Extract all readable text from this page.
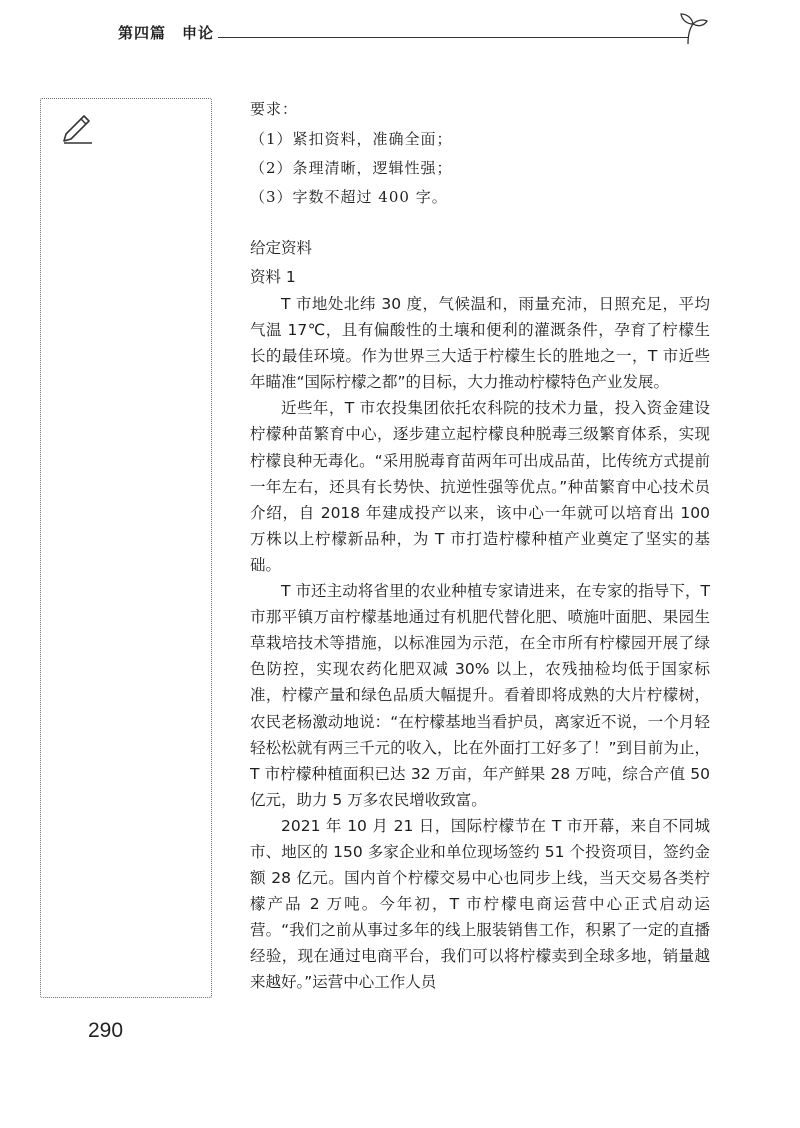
第四篇　申论
要求：
（1）紧扣资料，准确全面；
（2）条理清晰，逻辑性强；
（3）字数不超过 400 字。
给定资料
资料 1

T 市地处北纬 30 度，气候温和，雨量充沛，日照充足，平均气温 17℃，且有偏酸性的土壤和便利的灌溉条件，孕育了柠檬生长的最佳环境。作为世界三大适于柠檬生长的胜地之一，T 市近些年瞄准“国际柠檬之都”的目标，大力推动柠檬特色产业发展。

近些年，T 市农投集团依托农科院的技术力量，投入资金建设柠檬种苗繁育中心，逐步建立起柠檬良种脱毒三级繁育体系，实现柠檬良种无毒化。“采用脱毒育苗两年可出成品苗，比传统方式提前一年左右，还具有长势快、抗逆性强等优点。”种苗繁育中心技术员介绍，自 2018 年建成投产以来，该中心一年就可以培育出 100 万株以上柠檬新品种，为 T 市打造柠檬种植产业奠定了坚实的基础。

T 市还主动将省里的农业种植专家请进来，在专家的指导下，T 市那平镇万亩柠檬基地通过有机肥代替化肥、喷施叶面肥、果园生草栽培技术等措施，以标准园为示范，在全市所有柠檬园开展了绿色防控，实现农药化肥双减 30% 以上，农残抽检均低于国家标准，柠檬产量和绿色品质大幅提升。看着即将成熟的大片柠檬树，农民老杨激动地说：“在柠檬基地当看护员，离家近不说，一个月轻轻松松就有两三千元的收入，比在外面打工好多了！”到目前为止，T 市柠檬种植面积已达 32 万亩，年产鲜果 28 万吨，综合产值 50 亿元，助力 5 万多农民增收致富。

2021 年 10 月 21 日，国际柠檬节在 T 市开幕，来自不同城市、地区的 150 多家企业和单位现场签约 51 个投资项目，签约金额 28 亿元。国内首个柠檬交易中心也同步上线，当天交易各类柠檬产品 2 万吨。今年初，T 市柠檬电商运营中心正式启动运营。“我们之前从事过多年的线上服装销售工作，积累了一定的直播经验，现在通过电商平台，我们可以将柠檬卖到全球多地，销量越来越好。”运营中心工作人员

290
